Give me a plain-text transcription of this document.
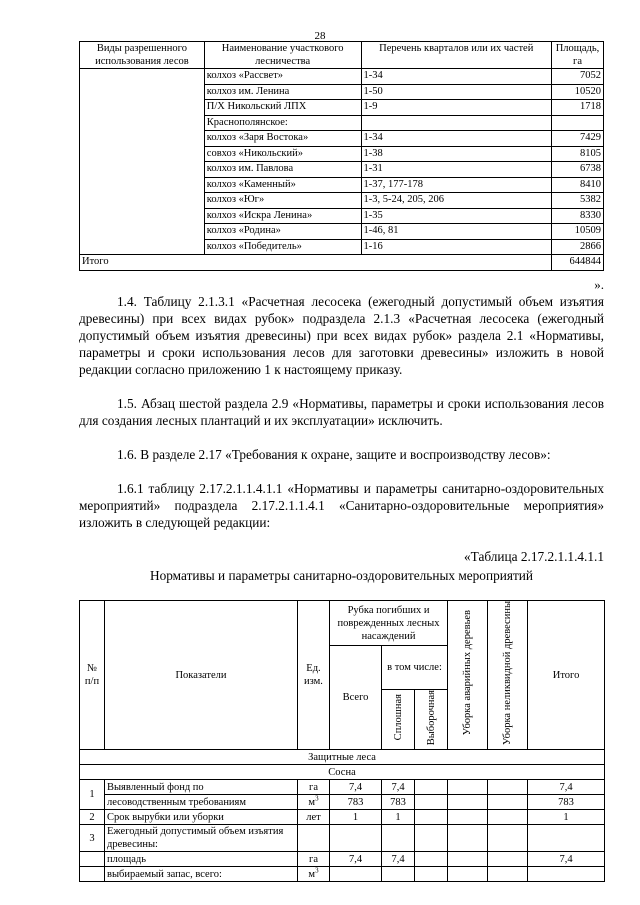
28
Виды разрешенного использования лесов	Наименование участкового лесничества	Перечень кварталов или их частей	Площадь, га
	колхоз «Рассвет»	1-34	7052
	колхоз им. Ленина	1-50	10520
	П/Х Никольский ЛПХ	1-9	1718
	Краснополянское:		
	колхоз «Заря Востока»	1-34	7429
	совхоз «Никольский»	1-38	8105
	колхоз им. Павлова	1-31	6738
	колхоз «Каменный»	1-37, 177-178	8410
	колхоз «Юг»	1-3, 5-24, 205, 206	5382
	колхоз «Искра Ленина»	1-35	8330
	колхоз «Родина»	1-46, 81	10509
	колхоз «Победитель»	1-16	2866
Итого			644844
».

1.4. Таблицу 2.1.3.1 «Расчетная лесосека (ежегодный допустимый объем изъятия древесины) при всех видах рубок» подраздела 2.1.3 «Расчетная лесосека (ежегодный допустимый объем изъятия древесины) при всех видах рубок» раздела 2.1 «Нормативы, параметры и сроки использования лесов для заготовки древесины» изложить в новой редакции согласно приложению 1 к настоящему приказу.

1.5. Абзац шестой раздела 2.9 «Нормативы, параметры и сроки использования лесов для создания лесных плантаций и их эксплуатации» исключить.

1.6. В разделе 2.17 «Требования к охране, защите и воспроизводству лесов»:

1.6.1 таблицу 2.17.2.1.1.4.1.1 «Нормативы и параметры санитарно-оздоровительных мероприятий» подраздела 2.17.2.1.1.4.1 «Санитарно-оздоровительные мероприятия» изложить в следующей редакции:

«Таблица 2.17.2.1.1.4.1.1
Нормативы и параметры санитарно-оздоровительных мероприятий
№ п/п	Показатели	Ед. изм.	Рубка погибших и поврежденных лесных насаждений			Уборка аварийных деревьев	Уборка неликвидной древесины	Итого
			Всего	в том числе:				
				Сплошная	Выборочная			
Защитные леса								
Сосна								
1	Выявленный фонд по	га	7,4	7,4				7,4
	лесоводственным требованиям	$м^3$	783	783				783
2	Срок вырубки или уборки	лет	1	1				1
3	Ежегодный допустимый объем изъятия древесины:							
	площадь	га	7,4	7,4				7,4
	выбираемый запас, всего:	$м^3$						
